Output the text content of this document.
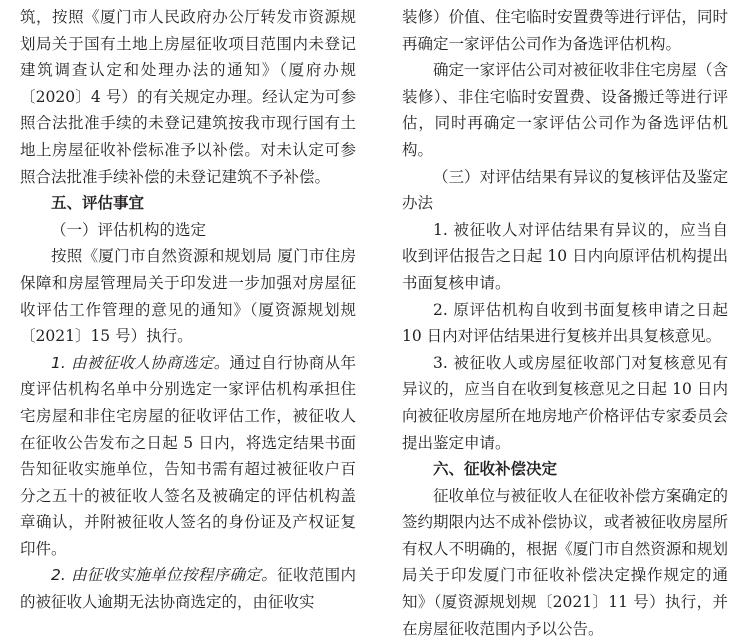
筑，按照《厦门市人民政府办公厅转发市资源规划局关于国有土地上房屋征收项目范围内未登记建筑调查认定和处理办法的通知》（厦府办规〔2020〕4 号）的有关规定办理。经认定为可参照合法批准手续的未登记建筑按我市现行国有土地上房屋征收补偿标准予以补偿。对未认定可参照合法批准手续补偿的未登记建筑不予补偿。

五、评估事宜

（一）评估机构的选定

按照《厦门市自然资源和规划局 厦门市住房保障和房屋管理局关于印发进一步加强对房屋征收评估工作管理的意见的通知》（厦资源规划规〔2021〕15 号）执行。

1. 由被征收人协商选定。通过自行协商从年度评估机构名单中分别选定一家评估机构承担住宅房屋和非住宅房屋的征收评估工作，被征收人在征收公告发布之日起 5 日内，将选定结果书面告知征收实施单位，告知书需有超过被征收户百分之五十的被征收人签名及被确定的评估机构盖章确认，并附被征收人签名的身份证及产权证复印件。

2. 由征收实施单位按程序确定。征收范围内的被征收人逾期无法协商选定的，由征收实

装修）价值、住宅临时安置费等进行评估，同时再确定一家评估公司作为备选评估机构。

确定一家评估公司对被征收非住宅房屋（含装修）、非住宅临时安置费、设备搬迁等进行评估，同时再确定一家评估公司作为备选评估机构。

（三）对评估结果有异议的复核评估及鉴定办法

1. 被征收人对评估结果有异议的，应当自收到评估报告之日起 10 日内向原评估机构提出书面复核申请。

2. 原评估机构自收到书面复核申请之日起 10 日内对评估结果进行复核并出具复核意见。

3. 被征收人或房屋征收部门对复核意见有异议的，应当自在收到复核意见之日起 10 日内向被征收房屋所在地房地产价格评估专家委员会提出鉴定申请。

六、征收补偿决定

征收单位与被征收人在征收补偿方案确定的签约期限内达不成补偿协议，或者被征收房屋所有权人不明确的，根据《厦门市自然资源和规划局关于印发厦门市征收补偿决定操作规定的通知》（厦资源规划规〔2021〕11 号）执行，并在房屋征收范围内予以公告。
